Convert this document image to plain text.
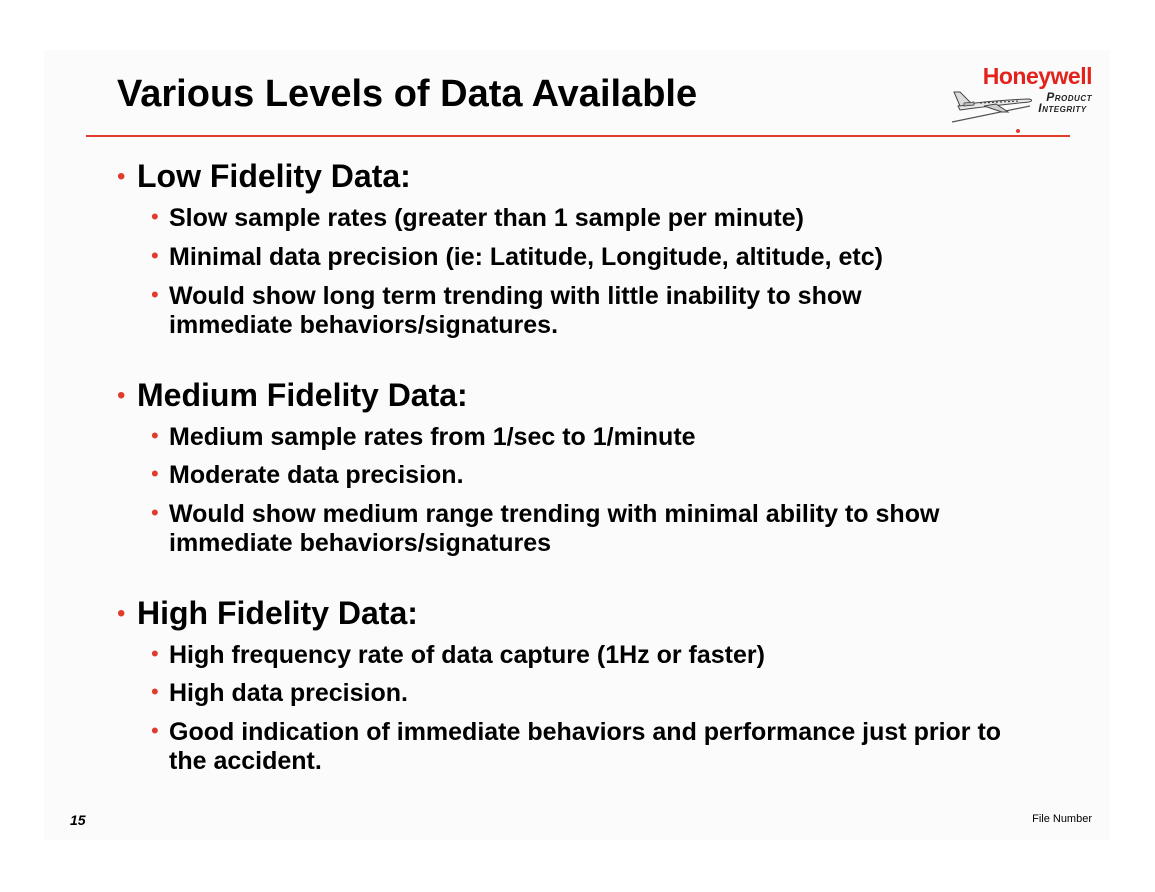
Various Levels of Data Available	Honeywell
Product
Integrity
• Low Fidelity Data:
• Slow sample rates (greater than 1 sample per minute)
• Minimal data precision (ie: Latitude, Longitude, altitude, etc)
• Would show long term trending with little inability to show immediate behaviors/signatures.
• Medium Fidelity Data:
• Medium sample rates from 1/sec to 1/minute
• Moderate data precision.
• Would show medium range trending with minimal ability to show immediate behaviors/signatures
• High Fidelity Data:
• High frequency rate of data capture (1Hz or faster)
• High data precision.
• Good indication of immediate behaviors and performance just prior to the accident.
15	File Number
